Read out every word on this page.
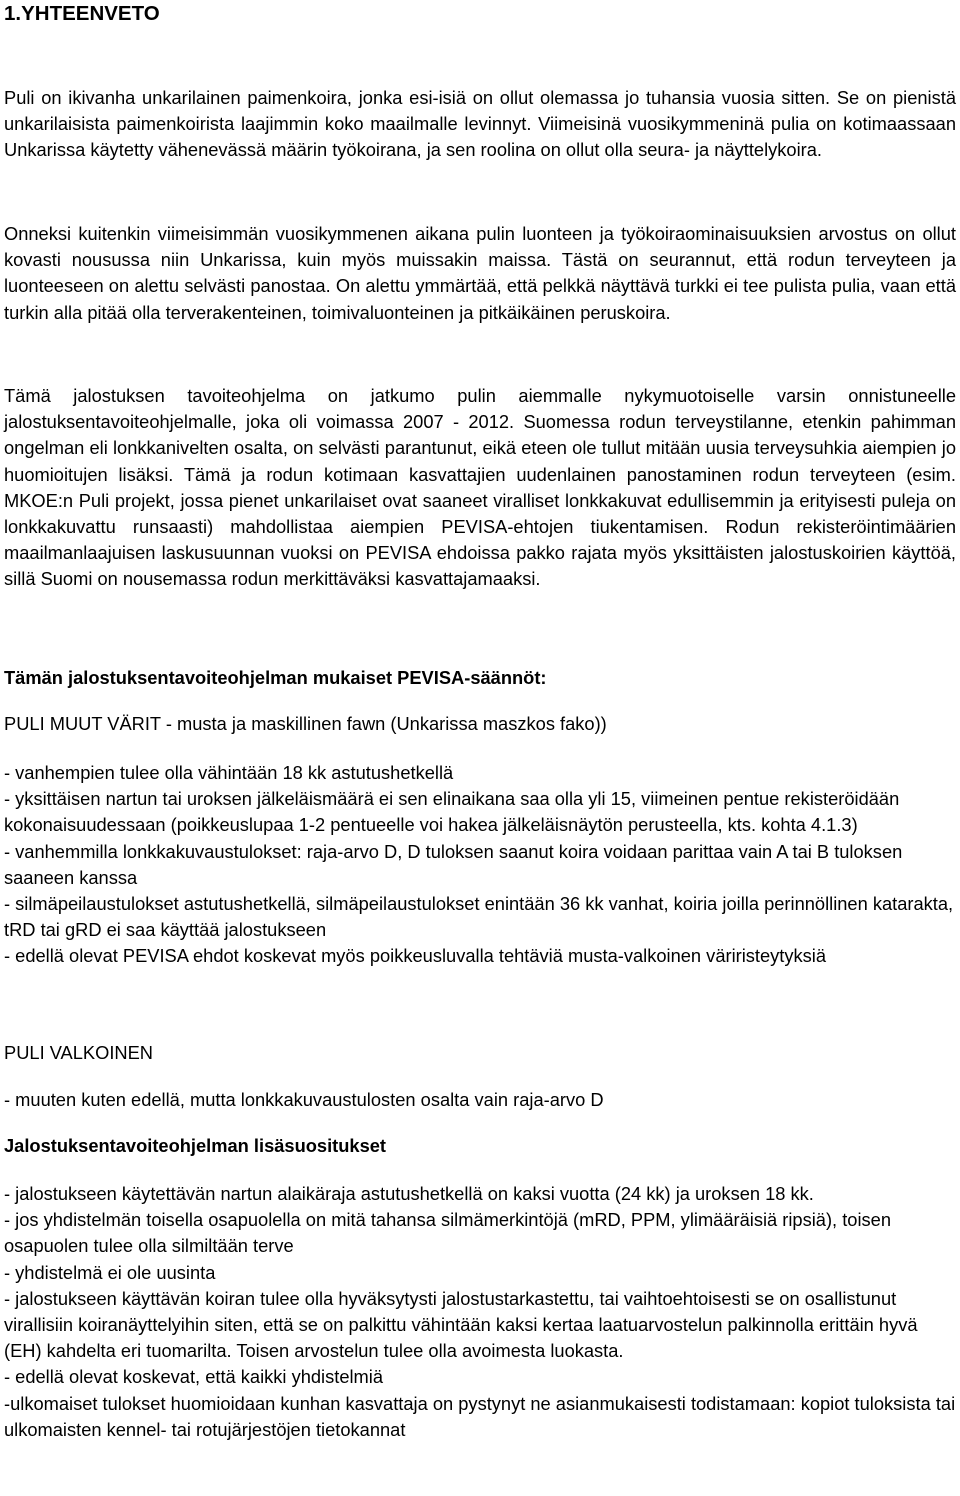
1.YHTEENVETO
Puli on ikivanha unkarilainen paimenkoira, jonka esi-isiä on ollut olemassa jo tuhansia vuosia sitten. Se on pienistä unkarilaisista paimenkoirista laajimmin koko maailmalle levinnyt. Viimeisinä vuosikymmeninä pulia on kotimaassaan Unkarissa käytetty vähenevässä määrin työkoirana, ja sen roolina on ollut olla seura- ja näyttelykoira.
Onneksi kuitenkin viimeisimmän vuosikymmenen aikana pulin luonteen ja työkoiraominaisuuksien arvostus on ollut kovasti nousussa niin Unkarissa, kuin myös muissakin maissa. Tästä on seurannut, että rodun terveyteen ja luonteeseen on alettu selvästi panostaa. On alettu ymmärtää, että pelkkä näyttävä turkki ei tee pulista pulia, vaan että turkin alla pitää olla terverakenteinen, toimivaluonteinen ja pitkäikäinen peruskoira.
Tämä jalostuksen tavoiteohjelma on jatkumo pulin aiemmalle nykymuotoiselle varsin onnistuneelle jalostuksentavoiteohjelmalle, joka oli voimassa 2007 - 2012. Suomessa rodun terveystilanne, etenkin pahimman ongelman eli lonkkanivelten osalta, on selvästi parantunut, eikä eteen ole tullut mitään uusia terveysuhkia aiempien jo huomioitujen lisäksi. Tämä ja rodun kotimaan kasvattajien uudenlainen panostaminen rodun terveyteen (esim. MKOE:n Puli projekt, jossa pienet unkarilaiset ovat saaneet viralliset lonkkakuvat edullisemmin ja erityisesti puleja on lonkkakuvattu runsaasti) mahdollistaa aiempien PEVISA-ehtojen tiukentamisen. Rodun rekisteröintimäärien maailmanlaajuisen laskusuunnan vuoksi on PEVISA ehdoissa pakko rajata myös yksittäisten jalostuskoirien käyttöä, sillä Suomi on nousemassa rodun merkittäväksi kasvattajamaaksi.
Tämän jalostuksentavoiteohjelman mukaiset PEVISA-säännöt:
PULI MUUT VÄRIT - musta ja maskillinen fawn (Unkarissa maszkos fako))
- vanhempien tulee olla vähintään 18 kk astutushetkellä
- yksittäisen nartun tai uroksen jälkeläismäärä ei sen elinaikana saa olla yli 15, viimeinen pentue rekisteröidään kokonaisuudessaan (poikkeuslupaa 1-2 pentueelle voi hakea jälkeläisnäytön perusteella, kts. kohta 4.1.3)
- vanhemmilla lonkkakuvaustulokset: raja-arvo D, D tuloksen saanut koira voidaan parittaa vain A tai B tuloksen saaneen kanssa
- silmäpeilaustulokset astutushetkellä, silmäpeilaustulokset enintään 36 kk vanhat, koiria joilla perinnöllinen katarakta, tRD tai gRD ei saa käyttää jalostukseen
- edellä olevat PEVISA ehdot koskevat myös poikkeusluvalla tehtäviä musta-valkoinen väriristeytyksiä
PULI VALKOINEN
- muuten kuten edellä, mutta lonkkakuvaustulosten osalta vain raja-arvo D
Jalostuksentavoiteohjelman lisäsuositukset
- jalostukseen käytettävän nartun alaikäraja astutushetkellä on kaksi vuotta (24 kk) ja uroksen 18 kk.
- jos yhdistelmän toisella osapuolella on mitä tahansa silmämerkintöjä (mRD, PPM, ylimääräisiä ripsiä), toisen osapuolen tulee olla silmiltään terve
- yhdistelmä ei ole uusinta
- jalostukseen käyttävän koiran tulee olla hyväksytysti jalostustarkastettu, tai vaihtoehtoisesti se on osallistunut virallisiin koiranäyttelyihin siten, että se on palkittu vähintään kaksi kertaa laatuarvostelun palkinnolla erittäin hyvä (EH) kahdelta eri tuomarilta. Toisen arvostelun tulee olla avoimesta luokasta.
- edellä olevat koskevat, että kaikki yhdistelmiä
-ulkomaiset tulokset huomioidaan kunhan kasvattaja on pystynyt ne asianmukaisesti todistamaan: kopiot tuloksista tai ulkomaisten kennel- tai rotujärjestöjen tietokannat
